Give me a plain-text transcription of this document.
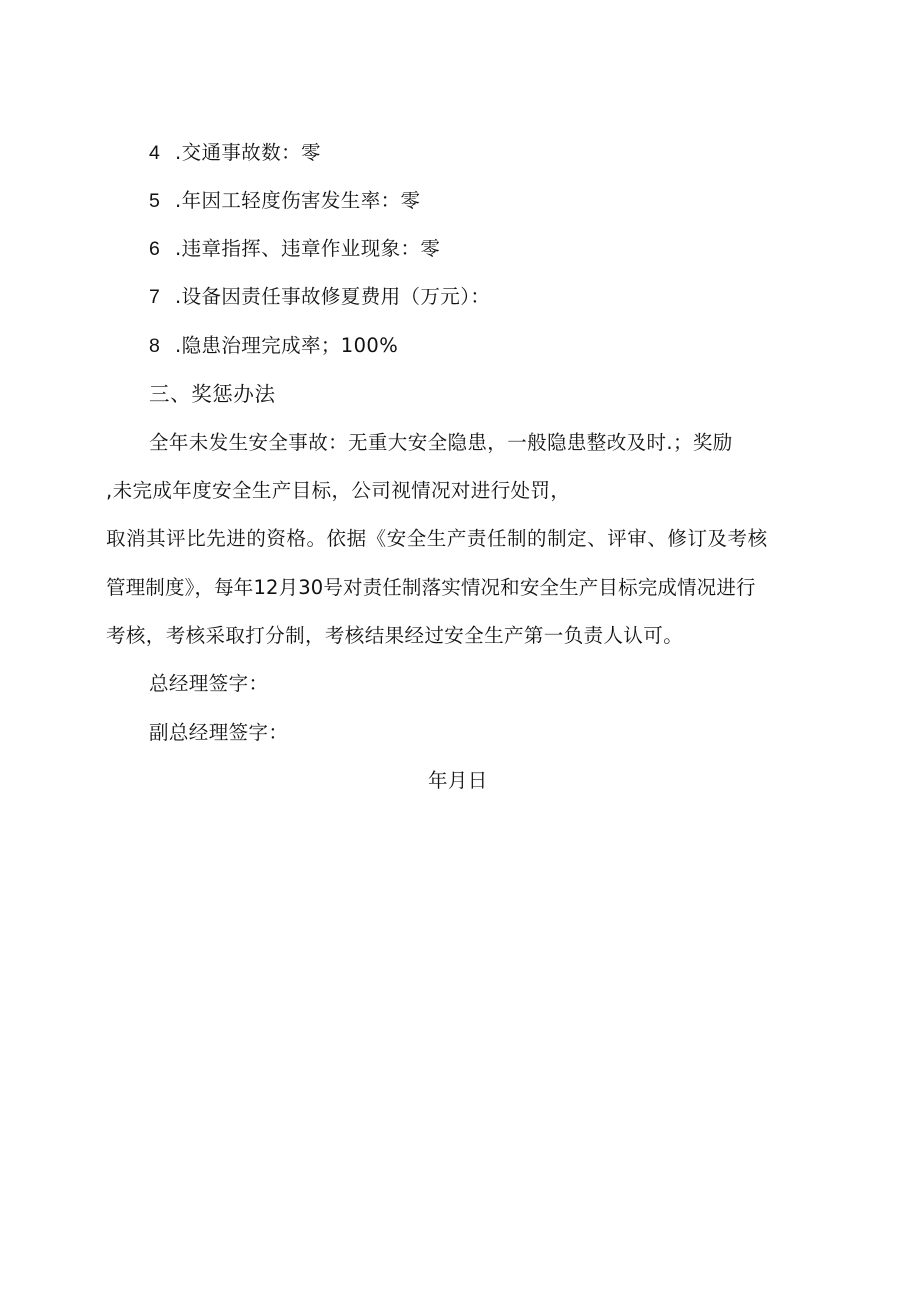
4 .交通事故数：零
5 .年因工轻度伤害发生率：零
6 .违章指挥、违章作业现象：零
7 .设备因责任事故修夏费用（万元）：
8 .隐患治理完成率；100%
三、奖惩办法
全年未发生安全事故：无重大安全隐患，一般隐患整改及时.；奖励
,未完成年度安全生产目标，公司视情况对进行处罚，
取消其评比先进的资格。依据《安全生产责任制的制定、评审、修订及考核
管理制度》，每年12月30号对责任制落实情况和安全生产目标完成情况进行
考核，考核采取打分制，考核结果经过安全生产第一负责人认可。
总经理签字：
副总经理签字：
年月日
